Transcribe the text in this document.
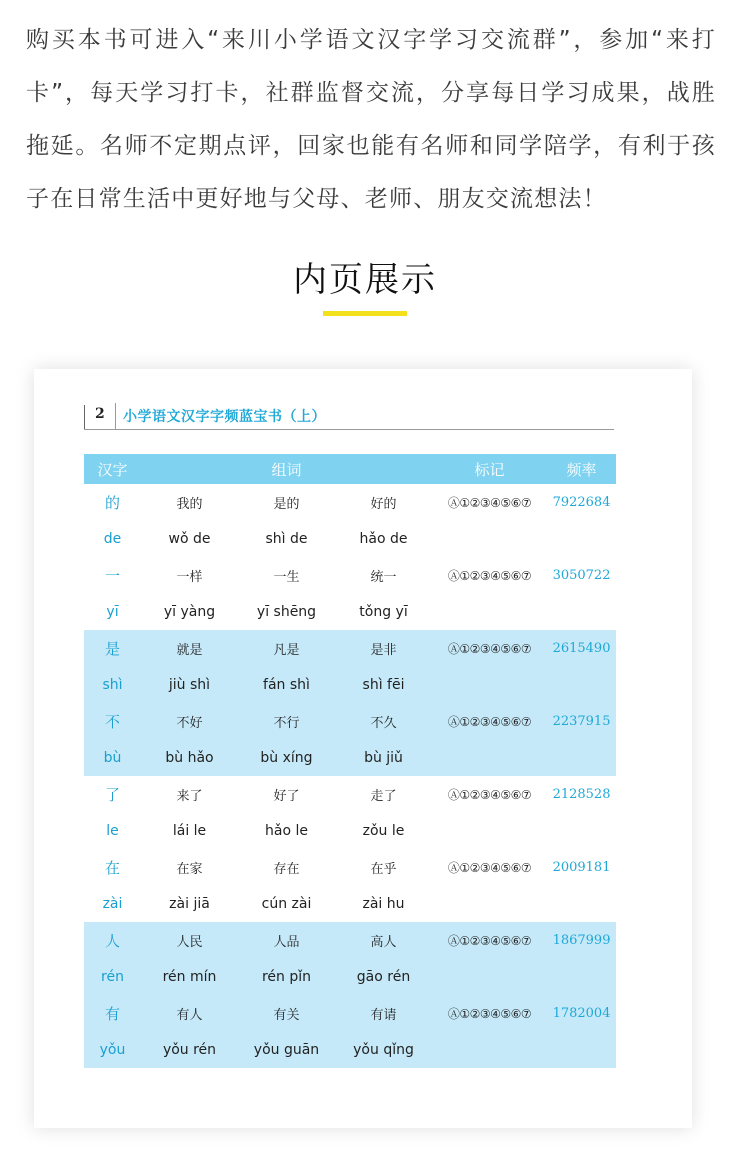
购买本书可进入“来川小学语文汉字学习交流群”，参加“来打卡”，每天学习打卡，社群监督交流，分享每日学习成果，战胜拖延。名师不定期点评，回家也能有名师和同学陪学，有利于孩子在日常生活中更好地与父母、老师、朋友交流想法！

内页展示
2 小学语文汉字字频蓝宝书（上）
汉字	组词			标记	频率
的	我的	是的	好的	Ⓐ①②③④⑤⑥⑦	7922684
de	wǒ de	shì de	hǎo de		
一	一样	一生	统一	Ⓐ①②③④⑤⑥⑦	3050722
yī	yī yàng	yī shēng	tǒng yī		
是	就是	凡是	是非	Ⓐ①②③④⑤⑥⑦	2615490
shì	jiù shì	fán shì	shì fēi		
不	不好	不行	不久	Ⓐ①②③④⑤⑥⑦	2237915
bù	bù hǎo	bù xíng	bù jiǔ		
了	来了	好了	走了	Ⓐ①②③④⑤⑥⑦	2128528
le	lái le	hǎo le	zǒu le		
在	在家	存在	在乎	Ⓐ①②③④⑤⑥⑦	2009181
zài	zài jiā	cún zài	zài hu		
人	人民	人品	高人	Ⓐ①②③④⑤⑥⑦	1867999
rén	rén mín	rén pǐn	gāo rén		
有	有人	有关	有请	Ⓐ①②③④⑤⑥⑦	1782004
yǒu	yǒu rén	yǒu guān	yǒu qǐng		
